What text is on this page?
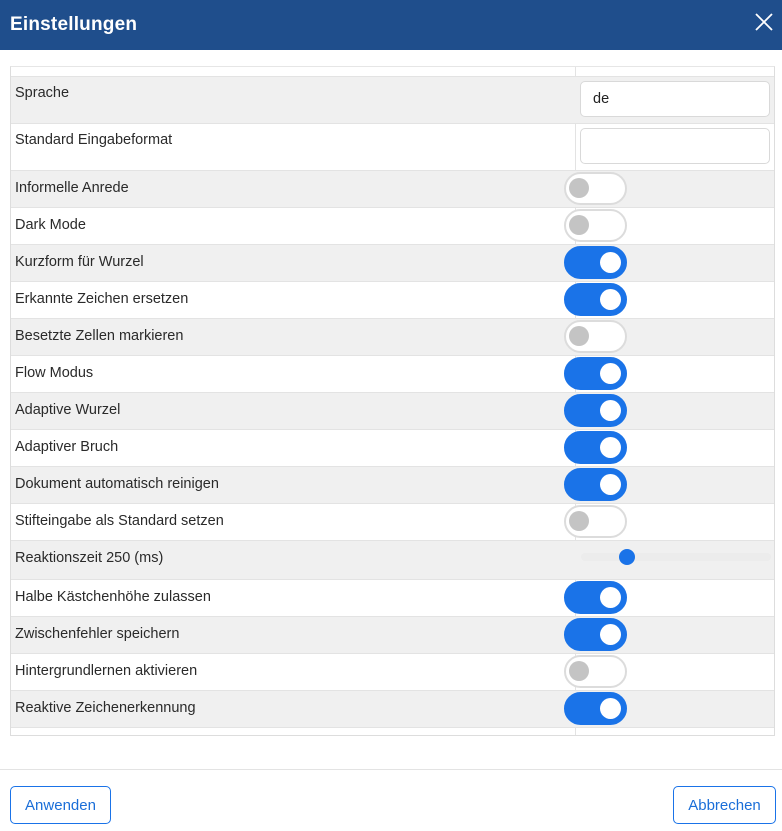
Einstellungen
Sprache
de
Standard Eingabeformat
Informelle Anrede
Dark Mode
Kurzform für Wurzel
Erkannte Zeichen ersetzen
Besetzte Zellen markieren
Flow Modus
Adaptive Wurzel
Adaptiver Bruch
Dokument automatisch reinigen
Stifteingabe als Standard setzen
Reaktionszeit 250 (ms)
Halbe Kästchenhöhe zulassen
Zwischenfehler speichern
Hintergrundlernen aktivieren
Reaktive Zeichenerkennung
Anwenden	Abbrechen
